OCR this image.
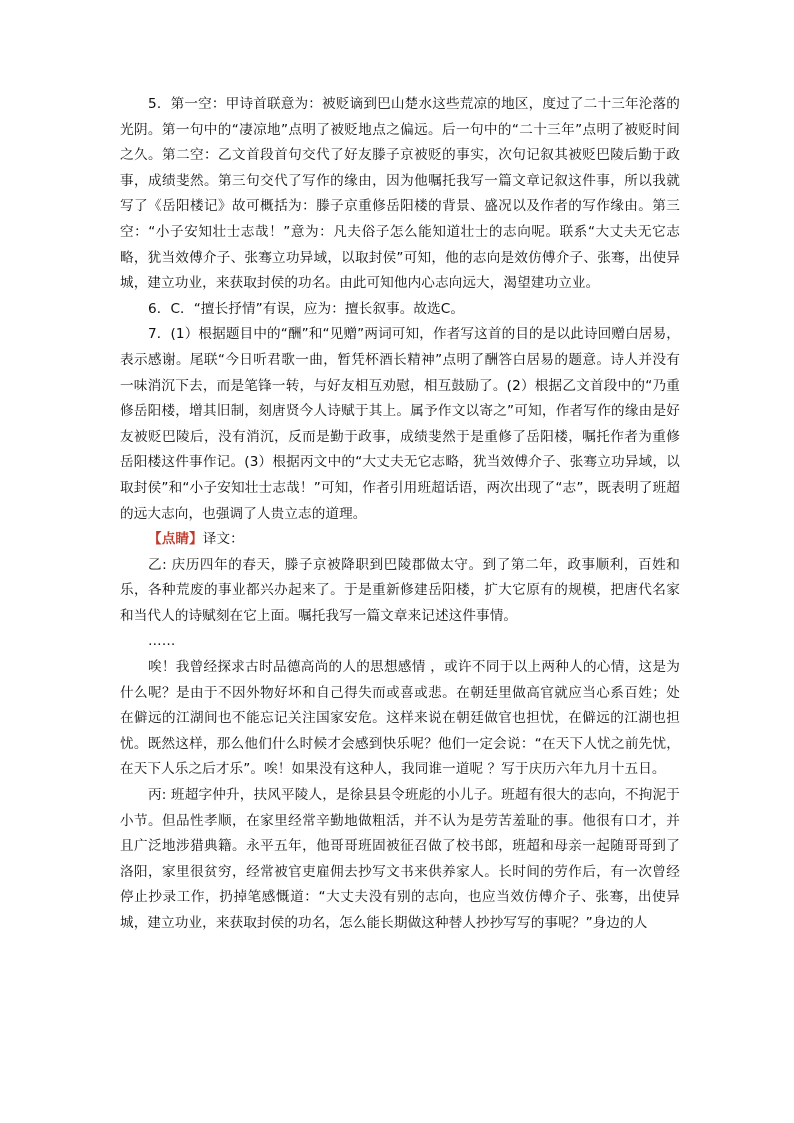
5．第一空：甲诗首联意为：被贬谪到巴山楚水这些荒凉的地区，度过了二十三年沦落的光阴。第一句中的“凄凉地”点明了被贬地点之偏远。后一句中的“二十三年”点明了被贬时间之久。第二空：乙文首段首句交代了好友滕子京被贬的事实，次句记叙其被贬巴陵后勤于政事，成绩斐然。第三句交代了写作的缘由，因为他嘱托我写一篇文章记叙这件事，所以我就写了《岳阳楼记》故可概括为：滕子京重修岳阳楼的背景、盛况以及作者的写作缘由。第三空：“小子安知壮士志哉！”意为：凡夫俗子怎么能知道壮士的志向呢。联系“大丈夫无它志略，犹当效傅介子、张骞立功异域，以取封侯”可知，他的志向是效仿傅介子、张骞，出使异城，建立功业，来获取封侯的功名。由此可知他内心志向远大，渴望建功立业。

6．C．“擅长抒情”有误，应为：擅长叙事。故选C。

7．(1）根据题目中的“酬”和“见赠”两词可知，作者写这首的目的是以此诗回赠白居易，表示感谢。尾联“今日听君歌一曲，暂凭杯酒长精神”点明了酬答白居易的题意。诗人并没有一味消沉下去，而是笔锋一转，与好友相互劝慰，相互鼓励了。(2）根据乙文首段中的“乃重修岳阳楼，增其旧制，刻唐贤今人诗赋于其上。属予作文以寄之”可知，作者写作的缘由是好友被贬巴陵后，没有消沉，反而是勤于政事，成绩斐然于是重修了岳阳楼，嘱托作者为重修岳阳楼这件事作记。(3）根据丙文中的“大丈夫无它志略，犹当效傅介子、张骞立功异域，以取封侯”和“小子安知壮士志哉！”可知，作者引用班超话语，两次出现了“志”，既表明了班超的远大志向，也强调了人贵立志的道理。

【点睛】译文：

乙: 庆历四年的春天，滕子京被降职到巴陵郡做太守。到了第二年，政事顺利，百姓和乐，各种荒废的事业都兴办起来了。于是重新修建岳阳楼，扩大它原有的规模，把唐代名家和当代人的诗赋刻在它上面。嘱托我写一篇文章来记述这件事情。

……

唉！我曾经探求古时品德高尚的人的思想感情 ，或许不同于以上两种人的心情，这是为什么呢？是由于不因外物好坏和自己得失而或喜或悲。在朝廷里做高官就应当心系百姓；处在僻远的江湖间也不能忘记关注国家安危。这样来说在朝廷做官也担忧，在僻远的江湖也担忧。既然这样，那么他们什么时候才会感到快乐呢？他们一定会说：“在天下人忧之前先忧，在天下人乐之后才乐”。唉！如果没有这种人，我同谁一道呢 ？写于庆历六年九月十五日。

丙: 班超字仲升，扶风平陵人，是徐县县令班彪的小儿子。班超有很大的志向，不拘泥于小节。但品性孝顺，在家里经常辛勤地做粗活，并不认为是劳苦羞耻的事。他很有口才，并且广泛地涉猎典籍。永平五年，他哥哥班固被征召做了校书郎，班超和母亲一起随哥哥到了洛阳，家里很贫穷，经常被官吏雇佣去抄写文书来供养家人。长时间的劳作后，有一次曾经停止抄录工作，扔掉笔感慨道：“大丈夫没有别的志向，也应当效仿傅介子、张骞，出使异城，建立功业，来获取封侯的功名，怎么能长期做这种替人抄抄写写的事呢？”身边的人
